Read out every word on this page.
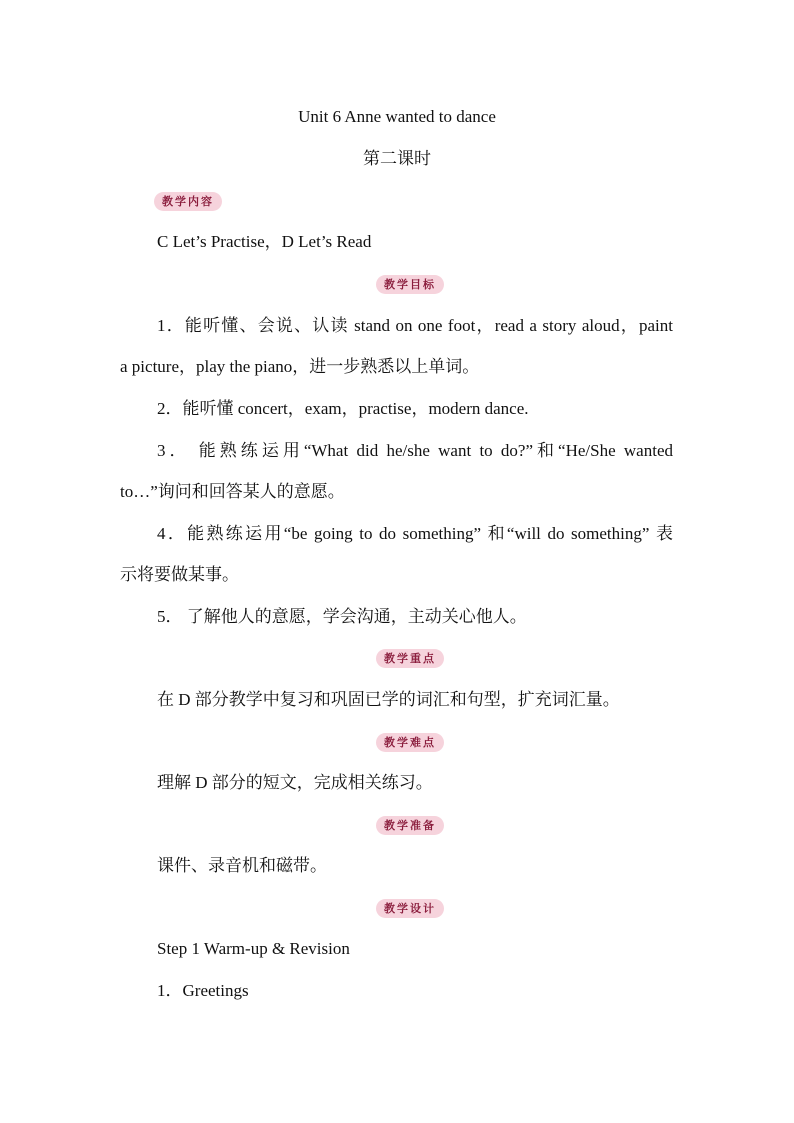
Unit 6 Anne wanted to dance
第二课时
教学内容
C Let’s Practise，D Let’s Read
教学目标
1．能听懂、会说、认读 stand on one foot，read a story aloud，paint
a picture，play the piano，进一步熟悉以上单词。
2．能听懂 concert，exam，practise，modern dance.
3． 能熟练运用“What did he/she want to do?”和“He/She wanted
to…”询问和回答某人的意愿。
4．能熟练运用“be going to do something” 和“will do something” 表
示将要做某事。
5． 了解他人的意愿，学会沟通，主动关心他人。
教学重点
在 D 部分教学中复习和巩固已学的词汇和句型，扩充词汇量。
教学难点
理解 D 部分的短文，完成相关练习。
教学准备
课件、录音机和磁带。
教学设计
Step 1 Warm-up & Revision
1．Greetings
